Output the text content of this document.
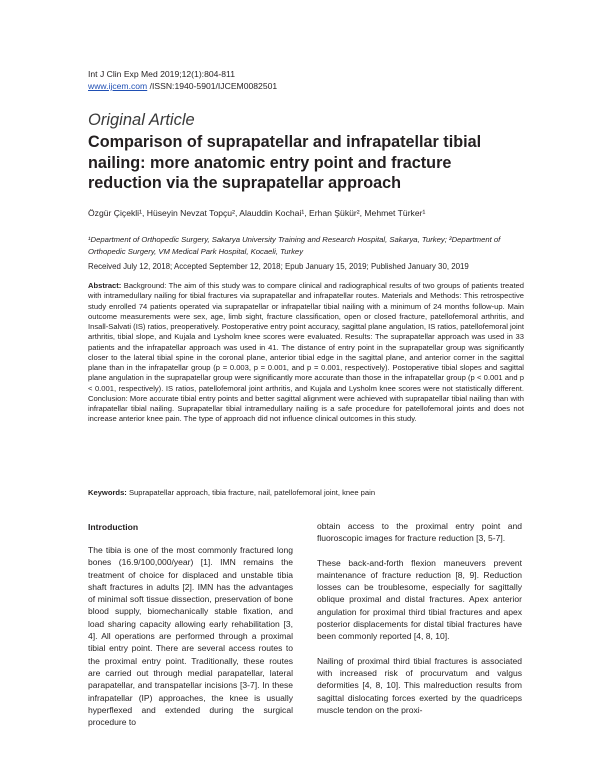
Int J Clin Exp Med 2019;12(1):804-811
www.ijcem.com /ISSN:1940-5901/IJCEM0082501
Original Article
Comparison of suprapatellar and infrapatellar tibial nailing: more anatomic entry point and fracture reduction via the suprapatellar approach
Özgür Çiçekli¹, Hüseyin Nevzat Topçu², Alauddin Kochai¹, Erhan Şükür², Mehmet Türker¹
¹Department of Orthopedic Surgery, Sakarya University Training and Research Hospital, Sakarya, Turkey; ²Department of Orthopedic Surgery, VM Medical Park Hospital, Kocaeli, Turkey
Received July 12, 2018; Accepted September 12, 2018; Epub January 15, 2019; Published January 30, 2019
Abstract: Background: The aim of this study was to compare clinical and radiographical results of two groups of patients treated with intramedullary nailing for tibial fractures via suprapatellar and infrapatellar routes. Materials and Methods: This retrospective study enrolled 74 patients operated via suprapatellar or infrapatellar tibial nailing with a minimum of 24 months follow-up. Main outcome measurements were sex, age, limb sight, fracture classification, open or closed fracture, patellofemoral arthritis, and Insall-Salvati (IS) ratios, preoperatively. Postoperative entry point accuracy, sagittal plane angulation, IS ratios, patellofemoral joint arthritis, tibial slope, and Kujala and Lysholm knee scores were evaluated. Results: The suprapatellar approach was used in 33 patients and the infrapatellar approach was used in 41. The distance of entry point in the suprapatellar group was significantly closer to the lateral tibial spine in the coronal plane, anterior tibial edge in the sagittal plane, and anterior corner in the sagittal plane than in the infrapatellar group (p = 0.003, p = 0.001, and p = 0.001, respectively). Postoperative tibial slopes and sagittal plane angulation in the suprapatellar group were significantly more accurate than those in the infrapatellar group (p < 0.001 and p < 0.001, respectively). IS ratios, patellofemoral joint arthritis, and Kujala and Lysholm knee scores were not statistically different. Conclusion: More accurate tibial entry points and better sagittal alignment were achieved with suprapatellar tibial nailing than with infrapatellar tibial nailing. Suprapatellar tibial intramedullary nailing is a safe procedure for patellofemoral joints and does not increase anterior knee pain. The type of approach did not influence clinical outcomes in this study.
Keywords: Suprapatellar approach, tibia fracture, nail, patellofemoral joint, knee pain
Introduction

The tibia is one of the most commonly fractured long bones (16.9/100,000/year) [1]. IMN remains the treatment of choice for displaced and unstable tibia shaft fractures in adults [2]. IMN has the advantages of minimal soft tissue dissection, preservation of bone blood supply, biomechanically stable fixation, and load sharing capacity allowing early rehabilitation [3, 4]. All operations are performed through a proximal tibial entry point. There are several access routes to the proximal entry point. Traditionally, these routes are carried out through medial parapatellar, lateral parapatellar, and transpatellar incisions [3-7]. In these infrapatellar (IP) approaches, the knee is usually hyperflexed and extended during the surgical procedure to

obtain access to the proximal entry point and fluoroscopic images for fracture reduction [3, 5-7].

These back-and-forth flexion maneuvers prevent maintenance of fracture reduction [8, 9]. Reduction losses can be troublesome, especially for sagittally oblique proximal and distal fractures. Apex anterior angulation for proximal third tibial fractures and apex posterior displacements for distal tibial fractures have been commonly reported [4, 8, 10].

Nailing of proximal third tibial fractures is associated with increased risk of procurvatum and valgus deformities [4, 8, 10]. This malreduction results from sagittal dislocating forces exerted by the quadriceps muscle tendon on the proxi-
